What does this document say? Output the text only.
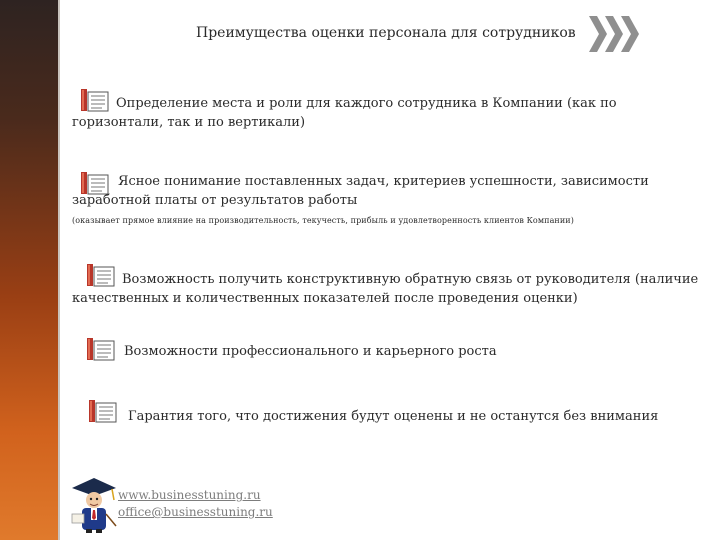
Преимущества оценки персонала для сотрудников
Определение места и роли для каждого сотрудника в Компании (как по горизонтали, так и по вертикали)
Ясное понимание поставленных задач, критериев успешности, зависимости заработной платы от результатов работы
(оказывает прямое влияние на производительность, текучесть, прибыль и удовлетворенность клиентов Компании)
Возможность получить конструктивную обратную связь от руководителя (наличие качественных и количественных показателей после проведения оценки)
Возможности профессионального и карьерного роста
Гарантия того, что достижения будут оценены и не останутся без внимания
www.businesstuning.ru
office@businesstuning.ru
